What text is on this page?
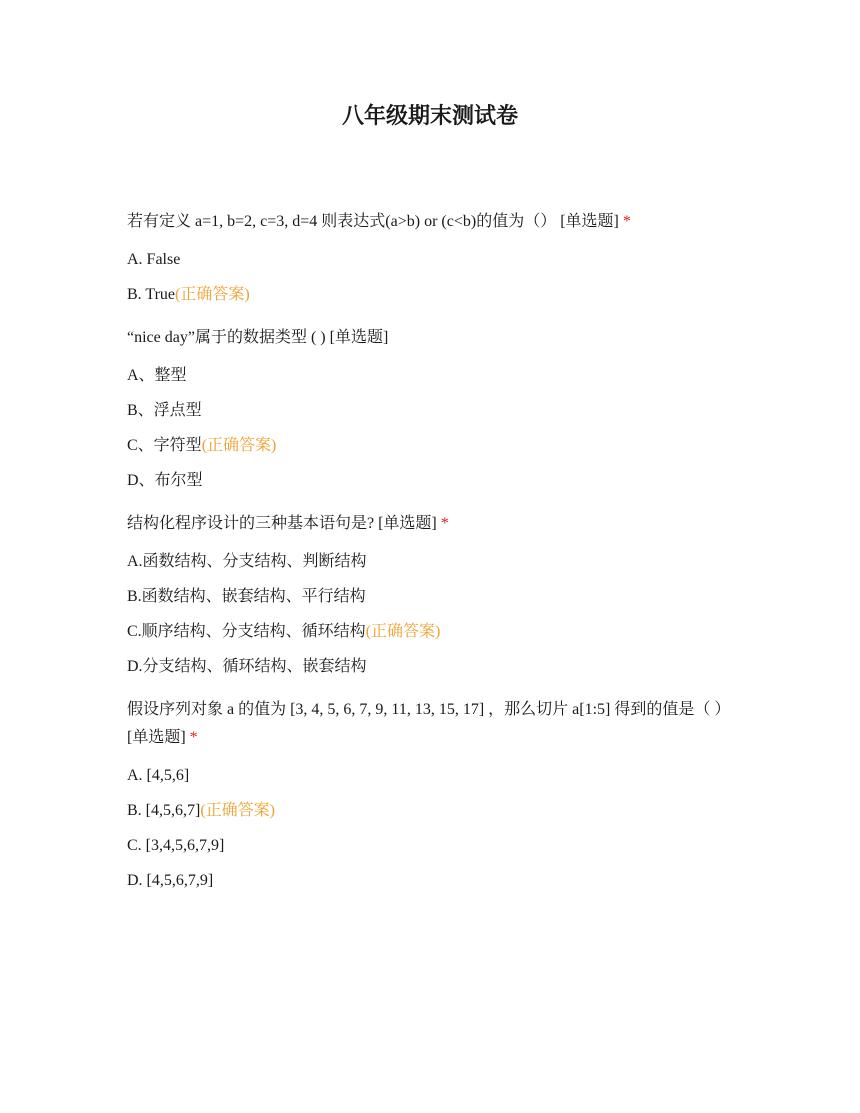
八年级期末测试卷
若有定义 a=1, b=2, c=3, d=4 则表达式(a>b) or (c<b)的值为（） [单选题] *
A. False
B. True(正确答案)
“nice day”属于的数据类型 ( ) [单选题]
A、整型
B、浮点型
C、字符型(正确答案)
D、布尔型
结构化程序设计的三种基本语句是? [单选题] *
A.函数结构、分支结构、判断结构
B.函数结构、嵌套结构、平行结构
C.顺序结构、分支结构、循环结构(正确答案)
D.分支结构、循环结构、嵌套结构
假设序列对象 a 的值为 [3, 4, 5, 6, 7, 9, 11, 13, 15, 17] ，那么切片 a[1:5] 得到的值是（ ） [单选题] *
A. [4,5,6]
B. [4,5,6,7](正确答案)
C. [3,4,5,6,7,9]
D. [4,5,6,7,9]
